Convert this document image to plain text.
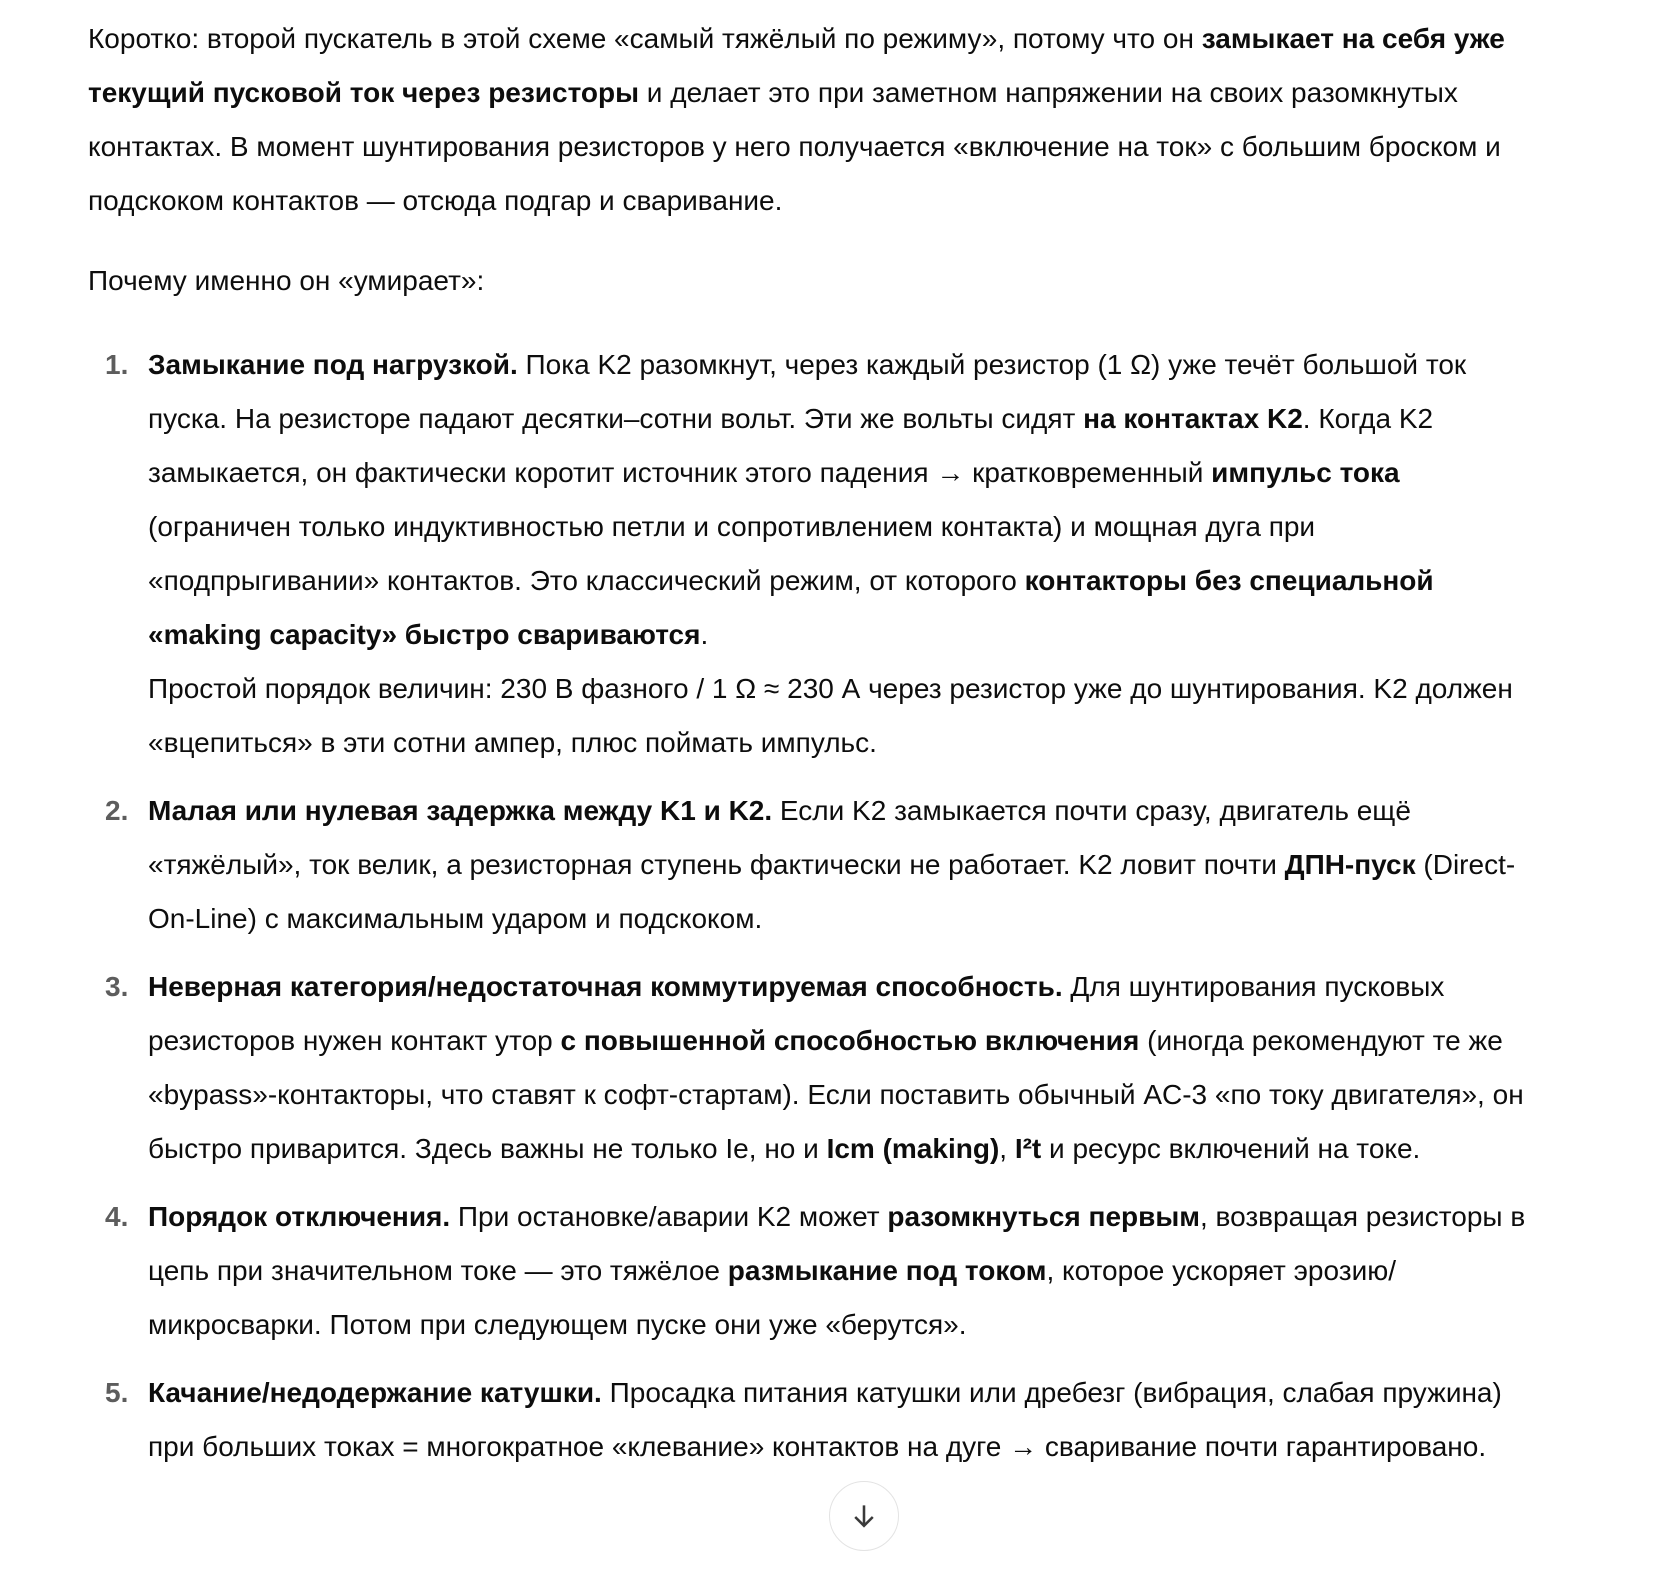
Коротко: второй пускатель в этой схеме «самый тяжёлый по режиму», потому что он замыкает на себя уже текущий пусковой ток через резисторы и делает это при заметном напряжении на своих разомкнутых контактах. В момент шунтирования резисторов у него получается «включение на ток» с большим броском и подскоком контактов — отсюда подгар и сваривание.

Почему именно он «умирает»:

1. Замыкание под нагрузкой. Пока K2 разомкнут, через каждый резистор (1 Ω) уже течёт большой ток пуска. На резисторе падают десятки–сотни вольт. Эти же вольты сидят на контактах K2. Когда K2 замыкается, он фактически коротит источник этого падения → кратковременный импульс тока (ограничен только индуктивностью петли и сопротивлением контакта) и мощная дуга при «подпрыгивании» контактов. Это классический режим, от которого контакторы без специальной «making capacity» быстро свариваются.
Простой порядок величин: 230 В фазного / 1 Ω ≈ 230 А через резистор уже до шунтирования. K2 должен «вцепиться» в эти сотни ампер, плюс поймать импульс.
2. Малая или нулевая задержка между K1 и K2. Если K2 замыкается почти сразу, двигатель ещё «тяжёлый», ток велик, а резисторная ступень фактически не работает. K2 ловит почти ДПН-пуск (Direct-On-Line) с максимальным ударом и подскоком.
3. Неверная категория/недостаточная коммутируемая способность. Для шунтирования пусковых резисторов нужен контакт утор с повышенной способностью включения (иногда рекомендуют те же «bypass»-контакторы, что ставят к софт-стартам). Если поставить обычный AC-3 «по току двигателя», он быстро приварится. Здесь важны не только Ie, но и Icm (making), I²t и ресурс включений на токе.
4. Порядок отключения. При остановке/аварии K2 может разомкнуться первым, возвращая резисторы в цепь при значительном токе — это тяжёлое размыкание под током, которое ускоряет эрозию/микросварки. Потом при следующем пуске они уже «берутся».
5. Качание/недодержание катушки. Просадка питания катушки или дребезг (вибрация, слабая пружина) при больших токах = многократное «клевание» контактов на дуге → сваривание почти гарантировано.
